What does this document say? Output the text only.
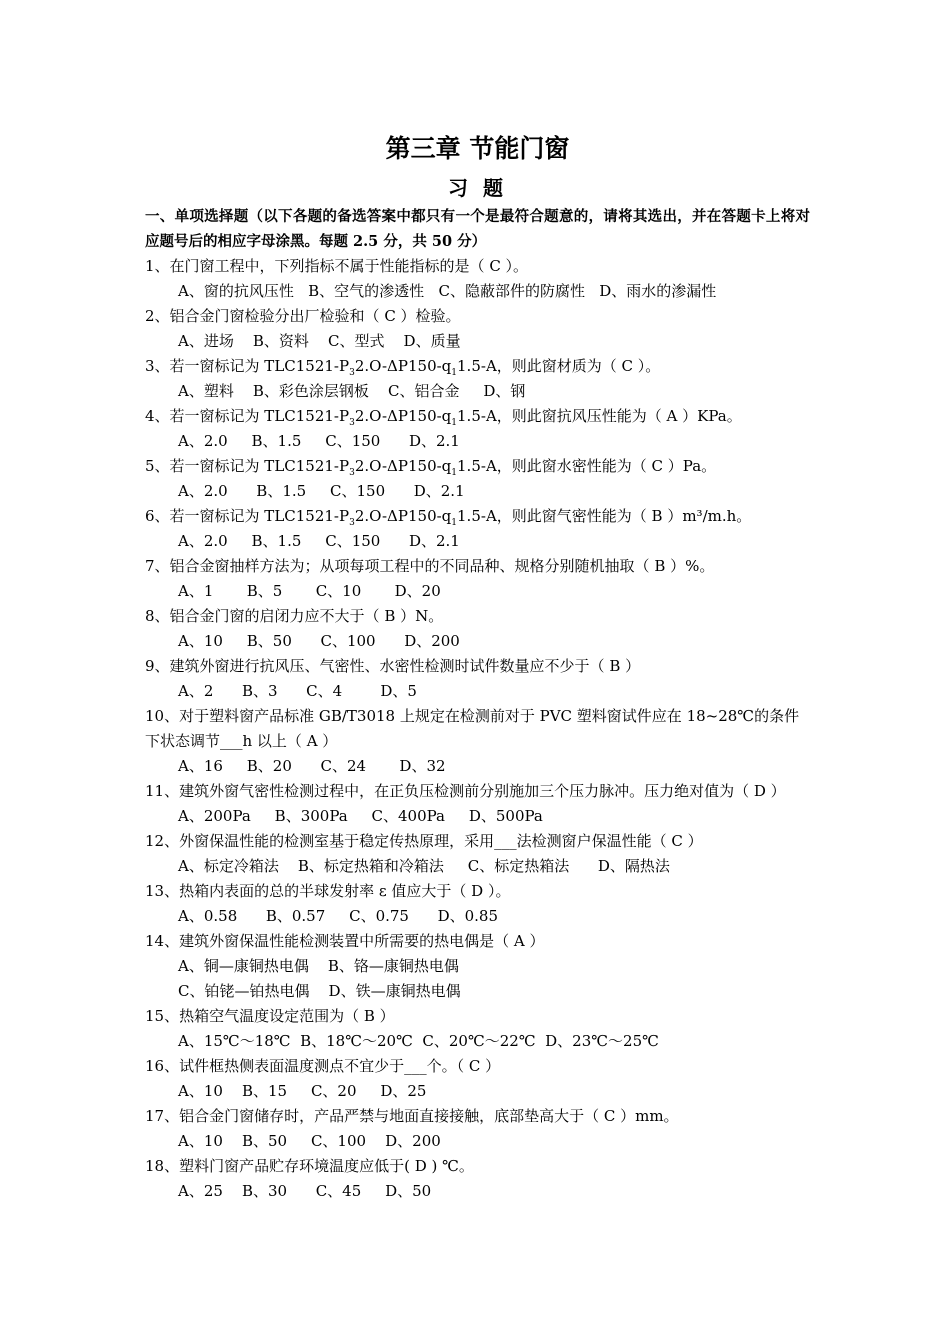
第三章 节能门窗
习 题

一、单项选择题（以下各题的备选答案中都只有一个是最符合题意的，请将其选出，并在答题卡上将对应题号后的相应字母涂黑。每题 2.5 分，共 50 分）

1、在门窗工程中，下列指标不属于性能指标的是（ C ）。

A、窗的抗风压性   B、空气的渗透性   C、隐蔽部件的防腐性   D、雨水的渗漏性

2、铝合金门窗检验分出厂检验和（ C ）检验。

A、进场    B、资料    C、型式    D、质量

3、若一窗标记为 $TLC1521-P_32.O-\Delta P150-q_11.5-A$，则此窗材质为（ C ）。

A、塑料    B、彩色涂层钢板    C、铝合金     D、钢

4、若一窗标记为 $TLC1521-P_32.O-\Delta P150-q_11.5-A$，则此窗抗风压性能为（ A ）KPa。

A、2.0     B、1.5     C、150      D、2.1

5、若一窗标记为 $TLC1521-P_32.O-\Delta P150-q_11.5-A$，则此窗水密性能为（ C ）Pa。

A、2.0      B、1.5     C、150      D、2.1

6、若一窗标记为 $TLC1521-P_32.O-\Delta P150-q_11.5-A$，则此窗气密性能为（ B ）m³/m.h。

A、2.0     B、1.5     C、150      D、2.1

7、铝合金窗抽样方法为；从项每项工程中的不同品种、规格分别随机抽取（ B ）%。

A、1       B、5       C、10       D、20

8、铝合金门窗的启闭力应不大于（ B ）N。

A、10     B、50      C、100      D、200

9、建筑外窗进行抗风压、气密性、水密性检测时试件数量应不少于（ B ）

A、2      B、3      C、4        D、5

10、对于塑料窗产品标准 GB/T3018 上规定在检测前对于 PVC 塑料窗试件应在 18~28℃的条件下状态调节___h 以上（ A ）

A、16     B、20      C、24       D、32

11、建筑外窗气密性检测过程中，在正负压检测前分别施加三个压力脉冲。压力绝对值为（ D ）

A、200Pa     B、300Pa     C、400Pa     D、500Pa

12、外窗保温性能的检测室基于稳定传热原理，采用___法检测窗户保温性能（ C ）

A、标定冷箱法    B、标定热箱和冷箱法     C、标定热箱法      D、隔热法

13、热箱内表面的总的半球发射率 ε 值应大于（ D ）。

A、0.58      B、0.57     C、0.75      D、0.85

14、建筑外窗保温性能检测装置中所需要的热电偶是（ A ）

A、铜—康铜热电偶    B、铬—康铜热电偶

C、铂铑—铂热电偶    D、铁—康铜热电偶

15、热箱空气温度设定范围为（ B ）

A、15℃～18℃  B、18℃～20℃  C、20℃～22℃  D、23℃～25℃

16、试件框热侧表面温度测点不宜少于___个。（ C ）

A、10    B、15     C、20     D、25

17、铝合金门窗储存时，产品严禁与地面直接接触，底部垫高大于（ C ）mm。

A、10    B、50     C、100    D、200

18、塑料门窗产品贮存环境温度应低于( D ) ℃。

A、25    B、30      C、45     D、50
